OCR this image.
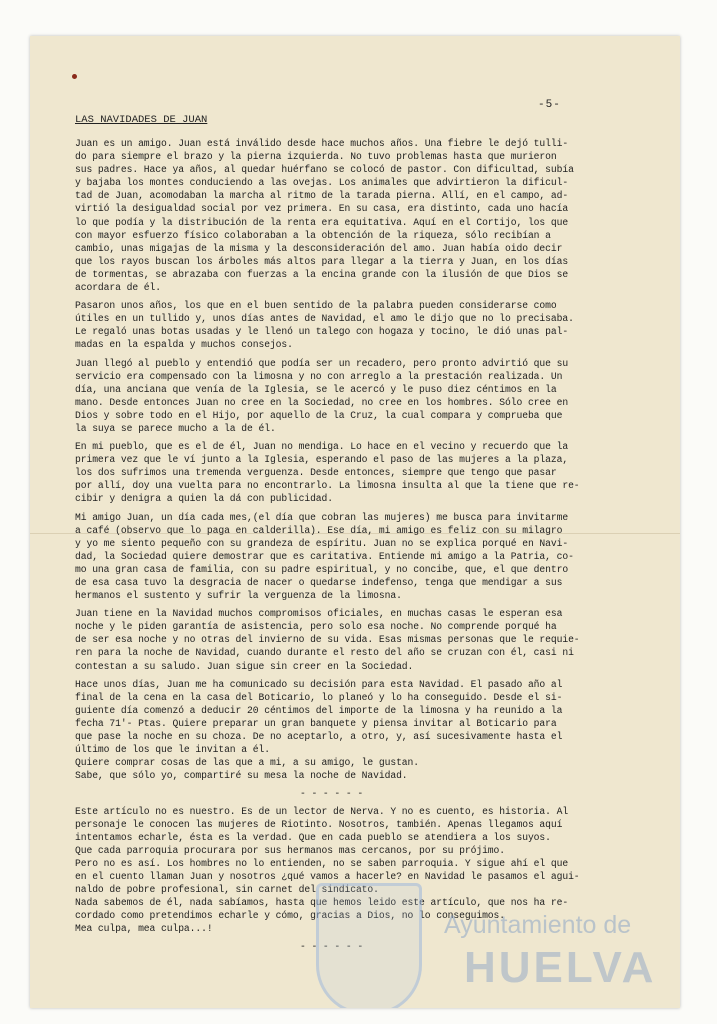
-5-
LAS NAVIDADES DE JUAN
Juan es un amigo. Juan está inválido desde hace muchos años. Una fiebre le dejó tulli-
do para siempre el brazo y la pierna izquierda. No tuvo problemas hasta que murieron
sus padres. Hace ya años, al quedar huérfano se colocó de pastor. Con dificultad, subía
y bajaba los montes conduciendo a las ovejas. Los animales que advirtieron la dificul-
tad de Juan, acomodaban la marcha al ritmo de la tarada pierna. Allí, en el campo, ad-
virtió la desigualdad social por vez primera. En su casa, era distinto, cada uno hacía
lo que podía y la distribución de la renta era equitativa. Aquí en el Cortijo, los que
con mayor esfuerzo físico colaboraban a la obtención de la riqueza, sólo recibían a
cambio, unas migajas de la misma y la desconsideración del amo. Juan había oido decir
que los rayos buscan los árboles más altos para llegar a la tierra y Juan, en los días
de tormentas, se abrazaba con fuerzas a la encina grande con la ilusión de que Dios se
acordara de él.
Pasaron unos años, los que en el buen sentido de la palabra pueden considerarse como
útiles en un tullido y, unos días antes de Navidad, el amo le dijo que no lo precisaba.
Le regaló unas botas usadas y le llenó un talego con hogaza y tocino, le dió unas pal-
madas en la espalda y muchos consejos.
Juan llegó al pueblo y entendió que podía ser un recadero, pero pronto advirtió que su
servicio era compensado con la limosna y no con arreglo a la prestación realizada. Un
día, una anciana que venía de la Iglesia, se le acercó y le puso diez céntimos en la
mano. Desde entonces Juan no cree en la Sociedad, no cree en los hombres. Sólo cree en
Dios y sobre todo en el Hijo, por aquello de la Cruz, la cual compara y comprueba que
la suya se parece mucho a la de él.
En mi pueblo, que es el de él, Juan no mendiga. Lo hace en el vecino y recuerdo que la
primera vez que le ví junto a la Iglesia, esperando el paso de las mujeres a la plaza,
los dos sufrimos una tremenda verguenza. Desde entonces, siempre que tengo que pasar
por allí, doy una vuelta para no encontrarlo. La limosna insulta al que la tiene que re-
cibir y denigra a quien la dá con publicidad.
Mi amigo Juan, un día cada mes,(el día que cobran las mujeres) me busca para invitarme
a café (observo que lo paga en calderilla). Ese día, mi amigo es feliz con su milagro
y yo me siento pequeño con su grandeza de espíritu. Juan no se explica porqué en Navi-
dad, la Sociedad quiere demostrar que es caritativa. Entiende mi amigo a la Patria, co-
mo una gran casa de familia, con su padre espiritual, y no concibe, que, el que dentro
de esa casa tuvo la desgracia de nacer o quedarse indefenso, tenga que mendigar a sus
hermanos el sustento y sufrir la verguenza de la limosna.
Juan tiene en la Navidad muchos compromisos oficiales, en muchas casas le esperan esa
noche y le piden garantía de asistencia, pero solo esa noche. No comprende porqué ha
de ser esa noche y no otras del invierno de su vida. Esas mismas personas que le requie-
ren para la noche de Navidad, cuando durante el resto del año se cruzan con él, casi ni
contestan a su saludo. Juan sigue sin creer en la Sociedad.
Hace unos días, Juan me ha comunicado su decisión para esta Navidad. El pasado año al
final de la cena en la casa del Boticario, lo planeó y lo ha conseguido. Desde el si-
guiente día comenzó a deducir 20 céntimos del importe de la limosna y ha reunido a la
fecha 71'- Ptas. Quiere preparar un gran banquete y piensa invitar al Boticario para
que pase la noche en su choza. De no aceptarlo, a otro, y, así sucesivamente hasta el
último de los que le invitan a él.
Quiere comprar cosas de las que a mi, a su amigo, le gustan.
Sabe, que sólo yo, compartiré su mesa la noche de Navidad.
- - - - - -
Este artículo no es nuestro. Es de un lector de Nerva. Y no es cuento, es historia. Al
personaje le conocen las mujeres de Riotinto. Nosotros, también. Apenas llegamos aquí
intentamos echarle, ésta es la verdad. Que en cada pueblo se atendiera a los suyos.
Que cada parroquia procurara por sus hermanos mas cercanos, por su prójimo.
Pero no es así. Los hombres no lo entienden, no se saben parroquia. Y sigue ahí el que
en el cuento llaman Juan y nosotros ¿qué vamos a hacerle? en Navidad le pasamos el agui-
naldo de pobre profesional, sin carnet del sindicato.
Nada sabemos de él, nada sabíamos, hasta que hemos leido este artículo, que nos ha re-
cordado como pretendimos echarle y cómo, gracias a Dios, no lo conseguimos.
Mea culpa, mea culpa...!
- - - - - -
Ayuntamiento de
HUELVA
